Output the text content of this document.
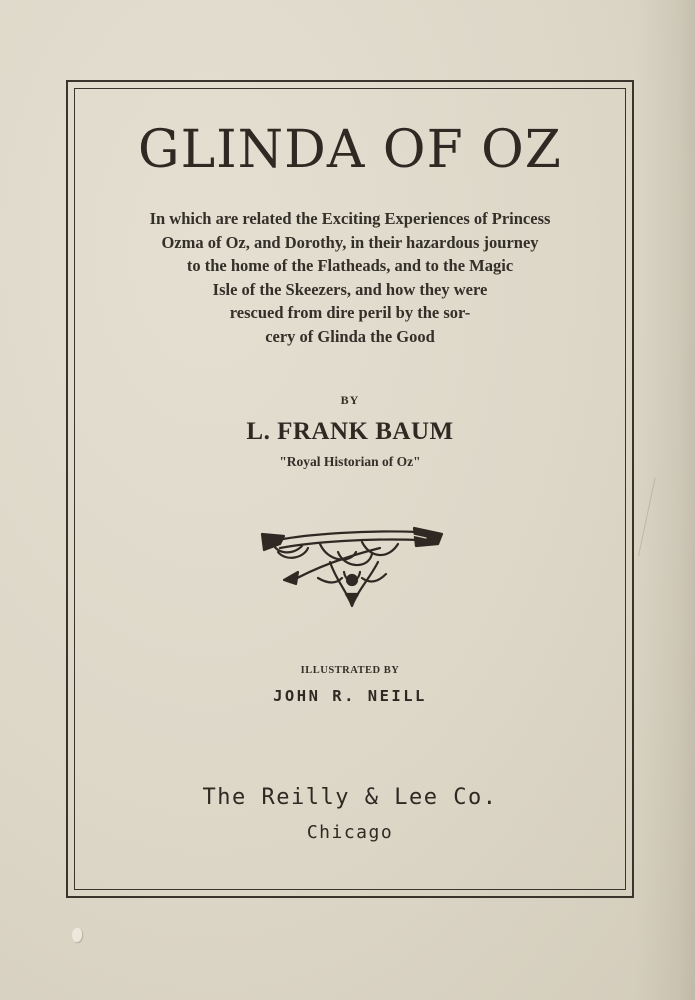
GLINDA OF OZ
In which are related the Exciting Experiences of Princess
Ozma of Oz, and Dorothy, in their hazardous journey
to the home of the Flatheads, and to the Magic
Isle of the Skeezers, and how they were
rescued from dire peril by the sor-
cery of Glinda the Good
BY
L. FRANK BAUM
"Royal Historian of Oz"
ILLUSTRATED BY
JOHN R. NEILL
The Reilly & Lee Co.
Chicago
